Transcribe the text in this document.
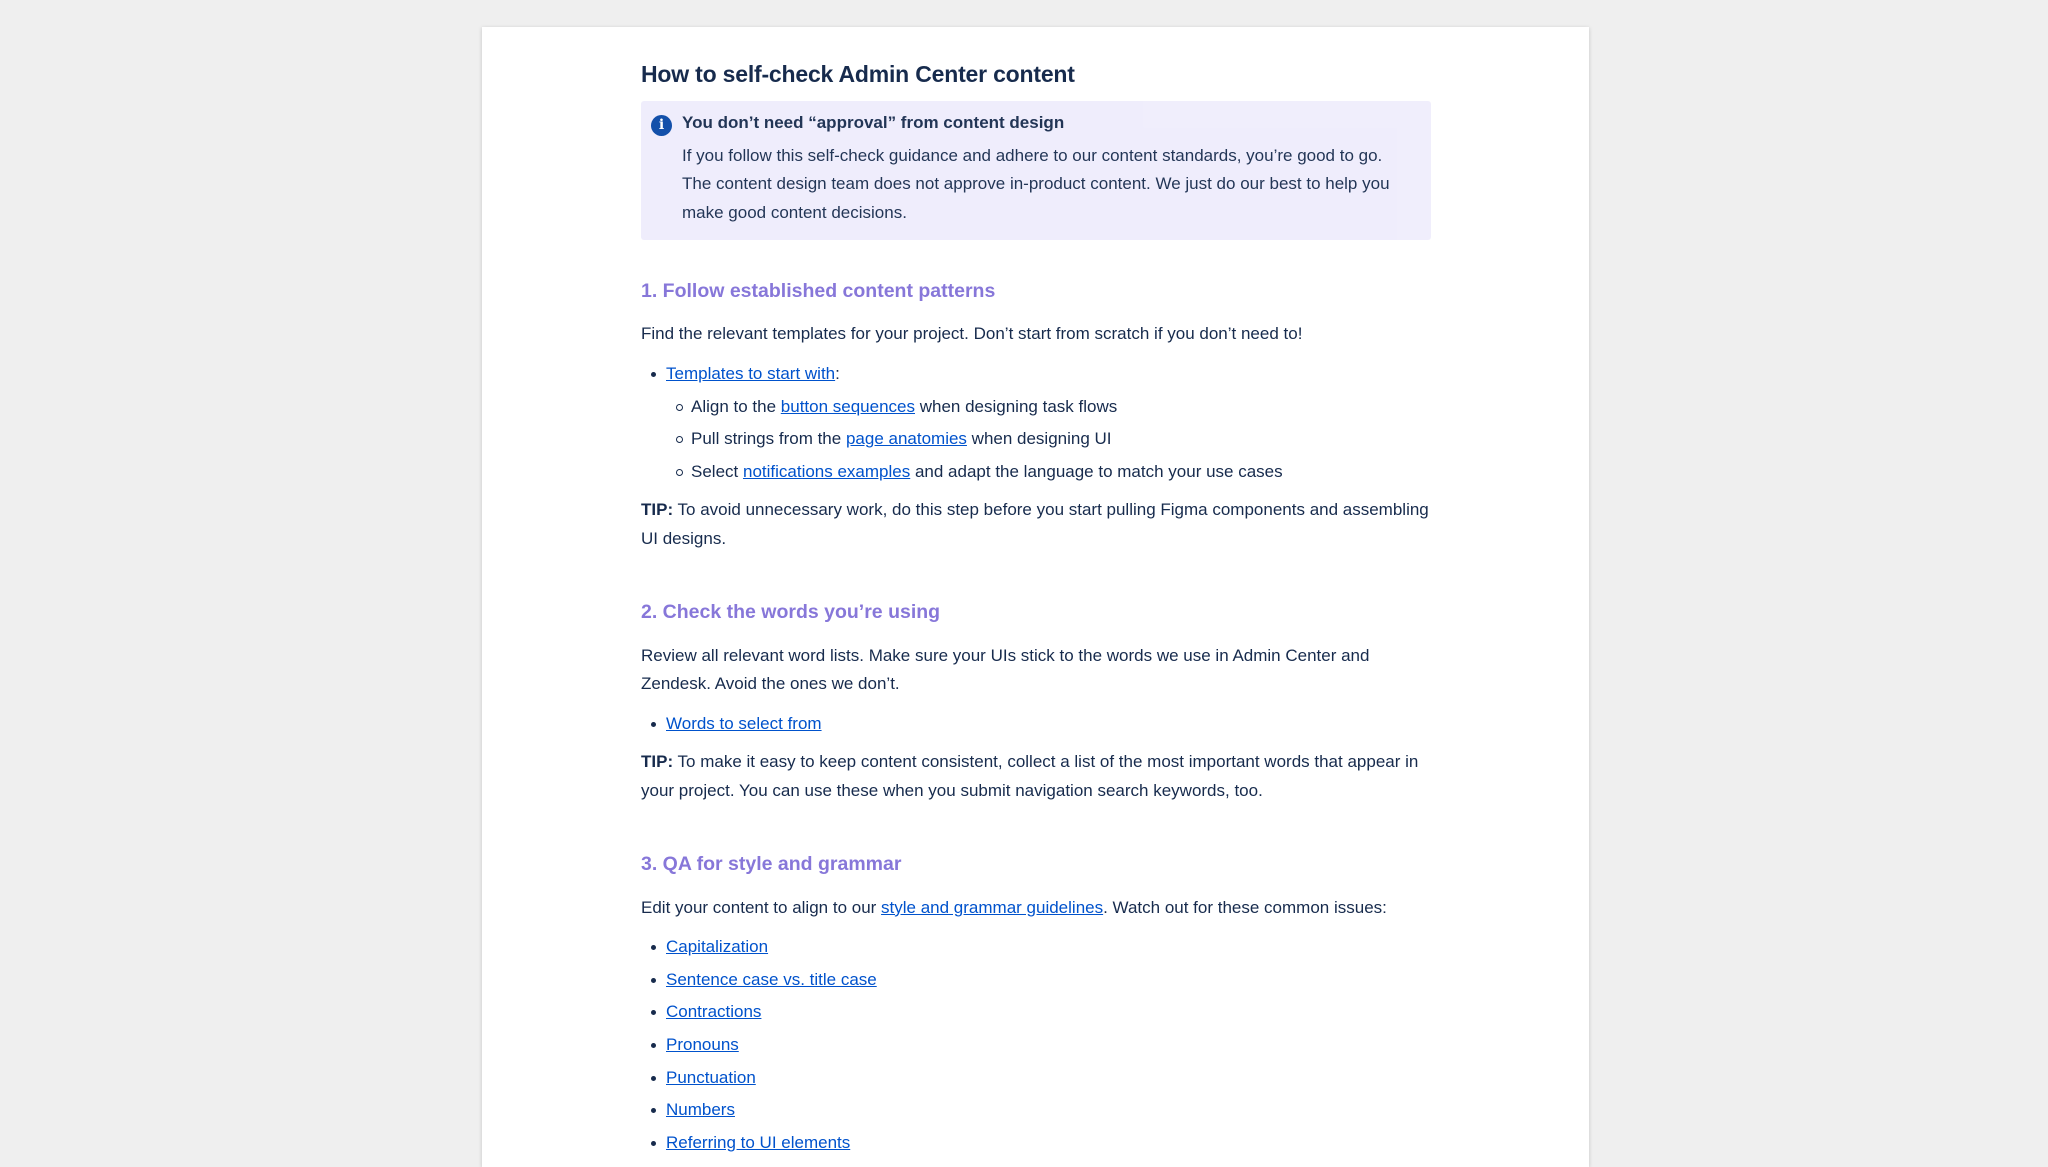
How to self-check Admin Center content
i	You don’t need “approval” from content design

If you follow this self-check guidance and adhere to our content standards, you’re good to go. The content design team does not approve in-product content. We just do our best to help you make good content decisions.

1. Follow established content patterns

Find the relevant templates for your project. Don’t start from scratch if you don’t need to!

Templates to start with:
Align to the button sequences when designing task flows
Pull strings from the page anatomies when designing UI
Select notifications examples and adapt the language to match your use cases

TIP: To avoid unnecessary work, do this step before you start pulling Figma components and assembling UI designs.

2. Check the words you’re using

Review all relevant word lists. Make sure your UIs stick to the words we use in Admin Center and Zendesk. Avoid the ones we don’t.

Words to select from

TIP: To make it easy to keep content consistent, collect a list of the most important words that appear in your project. You can use these when you submit navigation search keywords, too.

3. QA for style and grammar

Edit your content to align to our style and grammar guidelines. Watch out for these common issues:

Capitalization
Sentence case vs. title case
Contractions
Pronouns
Punctuation
Numbers
Referring to UI elements
